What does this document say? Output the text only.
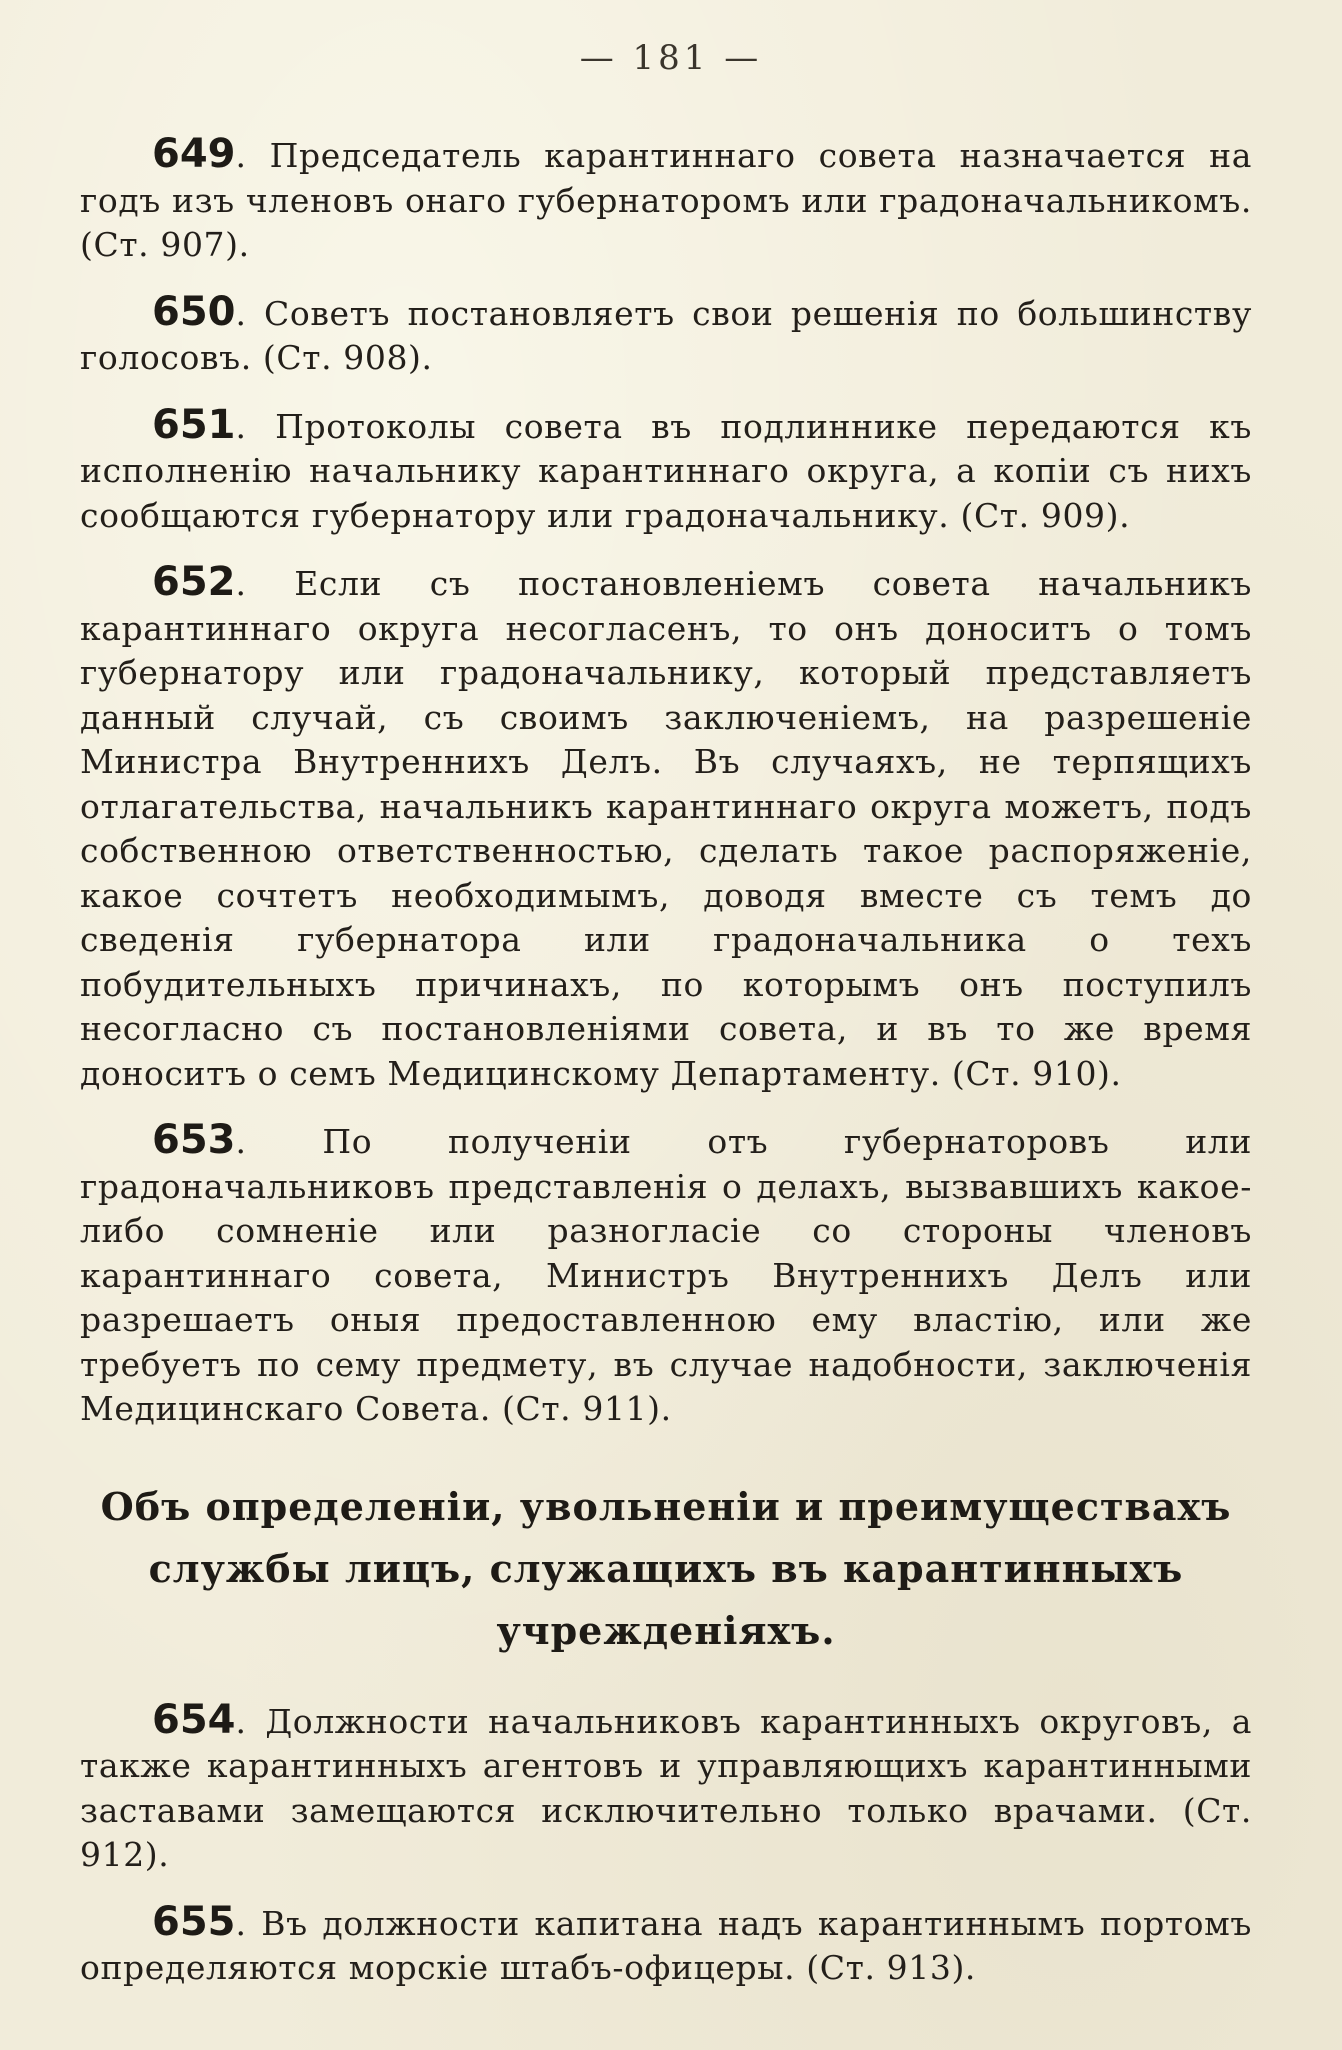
— 181 —

649. Председатель карантиннаго совета назначается на годъ изъ членовъ онаго губернаторомъ или градоначальникомъ. (Ст. 907).

650. Советъ постановляетъ свои решенія по большинству голосовъ. (Ст. 908).

651. Протоколы совета въ подлинникe передаются къ исполненію начальнику карантиннаго округа, а копіи съ нихъ сообщаются губернатору или градоначальнику. (Ст. 909).

652. Если съ постановленіемъ совета начальникъ карантиннаго округа несогласенъ, то онъ доноситъ о томъ губернатору или градоначальнику, который представляетъ данный случай, съ своимъ заключеніемъ, на разрешеніе Министра Внутреннихъ Делъ. Въ случаяхъ, не терпящихъ отлагательства, начальникъ карантиннаго округа можетъ, подъ собственною ответственностью, сделать такое распоряженіе, какое сочтетъ необходимымъ, доводя вместе съ темъ до сведенія губернатора или градоначальника о техъ побудительныхъ причинахъ, по которымъ онъ поступилъ несогласно съ постановленіями совета, и въ то же время доноситъ о семъ Медицинскому Департаменту. (Ст. 910).

653. По полученіи отъ губернаторовъ или градоначальниковъ представленія о делахъ, вызвавшихъ какое-либо сомненіе или разногласіе со стороны членовъ карантиннаго совета, Министръ Внутреннихъ Делъ или разрешаетъ оныя предоставленною ему властію, или же требуетъ по сему предмету, въ случае надобности, заключенія Медицинскаго Совета. (Ст. 911).

Объ определеніи, увольненіи и преимуществахъ службы лицъ, служащихъ въ карантинныхъ учрежденіяхъ.

654. Должности начальниковъ карантинныхъ округовъ, а также карантинныхъ агентовъ и управляющихъ карантинными заставами замещаются исключительно только врачами. (Ст. 912).

655. Въ должности капитана надъ карантиннымъ портомъ определяются морскіе штабъ-офицеры. (Ст. 913).
